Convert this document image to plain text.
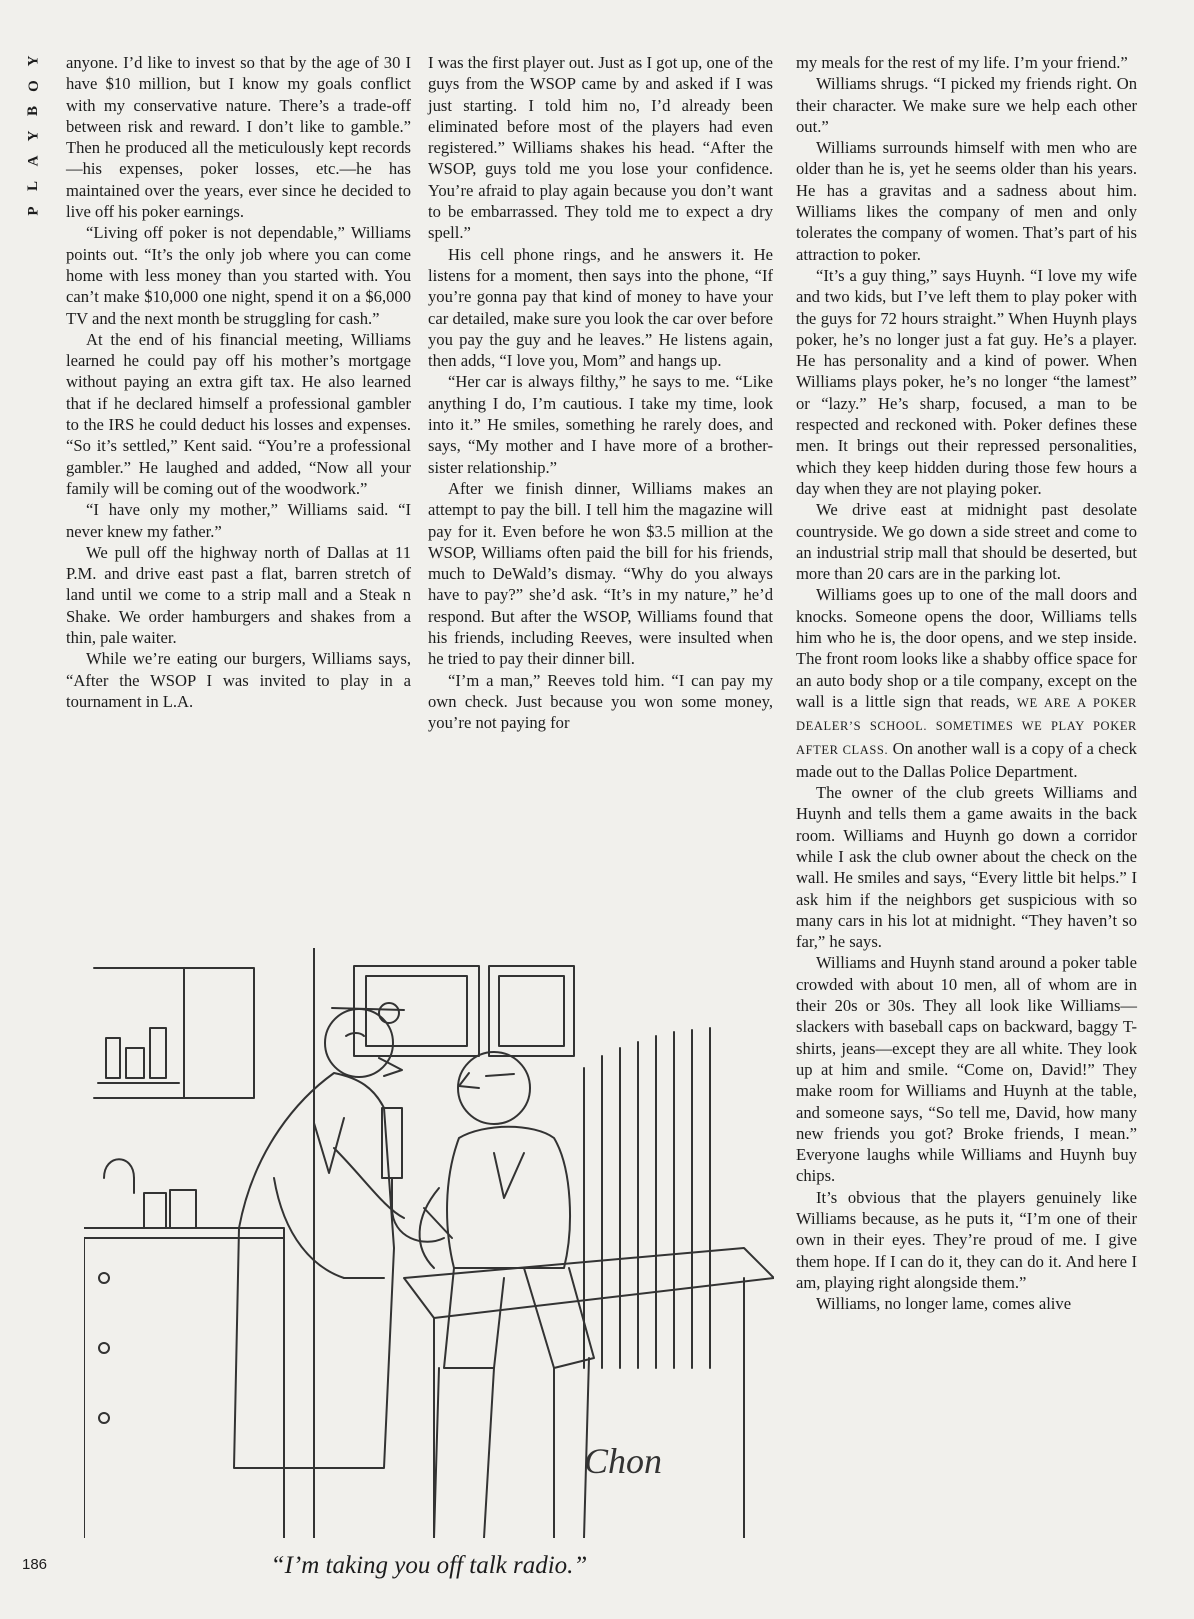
Y
O
B
Y
A
L
P

anyone. I’d like to invest so that by the age of 30 I have $10 million, but I know my goals conflict with my conservative nature. There’s a trade-off between risk and reward. I don’t like to gamble.” Then he produced all the meticulously kept records—his expenses, poker losses, etc.—he has maintained over the years, ever since he decided to live off his poker earnings.

“Living off poker is not dependable,” Williams points out. “It’s the only job where you can come home with less money than you started with. You can’t make $10,000 one night, spend it on a $6,000 TV and the next month be struggling for cash.”

At the end of his financial meeting, Williams learned he could pay off his mother’s mortgage without paying an extra gift tax. He also learned that if he declared himself a professional gambler to the IRS he could deduct his losses and expenses. “So it’s settled,” Kent said. “You’re a professional gambler.” He laughed and added, “Now all your family will be coming out of the woodwork.”

“I have only my mother,” Williams said. “I never knew my father.”

We pull off the highway north of Dallas at 11 P.M. and drive east past a flat, barren stretch of land until we come to a strip mall and a Steak n Shake. We order hamburgers and shakes from a thin, pale waiter.

While we’re eating our burgers, Williams says, “After the WSOP I was invited to play in a tournament in L.A.

I was the first player out. Just as I got up, one of the guys from the WSOP came by and asked if I was just starting. I told him no, I’d already been eliminated before most of the players had even registered.” Williams shakes his head. “After the WSOP, guys told me you lose your confidence. You’re afraid to play again because you don’t want to be embarrassed. They told me to expect a dry spell.”

His cell phone rings, and he answers it. He listens for a moment, then says into the phone, “If you’re gonna pay that kind of money to have your car detailed, make sure you look the car over before you pay the guy and he leaves.” He listens again, then adds, “I love you, Mom” and hangs up.

“Her car is always filthy,” he says to me. “Like anything I do, I’m cautious. I take my time, look into it.” He smiles, something he rarely does, and says, “My mother and I have more of a brother-sister relationship.”

After we finish dinner, Williams makes an attempt to pay the bill. I tell him the magazine will pay for it. Even before he won $3.5 million at the WSOP, Williams often paid the bill for his friends, much to DeWald’s dismay. “Why do you always have to pay?” she’d ask. “It’s in my nature,” he’d respond. But after the WSOP, Williams found that his friends, including Reeves, were insulted when he tried to pay their dinner bill.

“I’m a man,” Reeves told him. “I can pay my own check. Just because you won some money, you’re not paying for

my meals for the rest of my life. I’m your friend.”

Williams shrugs. “I picked my friends right. On their character. We make sure we help each other out.”

Williams surrounds himself with men who are older than he is, yet he seems older than his years. He has a gravitas and a sadness about him. Williams likes the company of men and only tolerates the company of women. That’s part of his attraction to poker.

“It’s a guy thing,” says Huynh. “I love my wife and two kids, but I’ve left them to play poker with the guys for 72 hours straight.” When Huynh plays poker, he’s no longer just a fat guy. He’s a player. He has personality and a kind of power. When Williams plays poker, he’s no longer “the lamest” or “lazy.” He’s sharp, focused, a man to be respected and reckoned with. Poker defines these men. It brings out their repressed personalities, which they keep hidden during those few hours a day when they are not playing poker.

We drive east at midnight past desolate countryside. We go down a side street and come to an industrial strip mall that should be deserted, but more than 20 cars are in the parking lot.

Williams goes up to one of the mall doors and knocks. Someone opens the door, Williams tells him who he is, the door opens, and we step inside. The front room looks like a shabby office space for an auto body shop or a tile company, except on the wall is a little sign that reads, WE ARE A POKER DEALER’S SCHOOL. SOMETIMES WE PLAY POKER AFTER CLASS. On another wall is a copy of a check made out to the Dallas Police Department.

The owner of the club greets Williams and Huynh and tells them a game awaits in the back room. Williams and Huynh go down a corridor while I ask the club owner about the check on the wall. He smiles and says, “Every little bit helps.” I ask him if the neighbors get suspicious with so many cars in his lot at midnight. “They haven’t so far,” he says.

Williams and Huynh stand around a poker table crowded with about 10 men, all of whom are in their 20s or 30s. They all look like Williams—slackers with baseball caps on backward, baggy T-shirts, jeans—except they are all white. They look up at him and smile. “Come on, David!” They make room for Williams and Huynh at the table, and someone says, “So tell me, David, how many new friends you got? Broke friends, I mean.” Everyone laughs while Williams and Huynh buy chips.

It’s obvious that the players genuinely like Williams because, as he puts it, “I’m one of their own in their eyes. They’re proud of me. I give them hope. If I can do it, they can do it. And here I am, playing right alongside them.”

Williams, no longer lame, comes alive

Chon
“I’m taking you off talk radio.”
186
